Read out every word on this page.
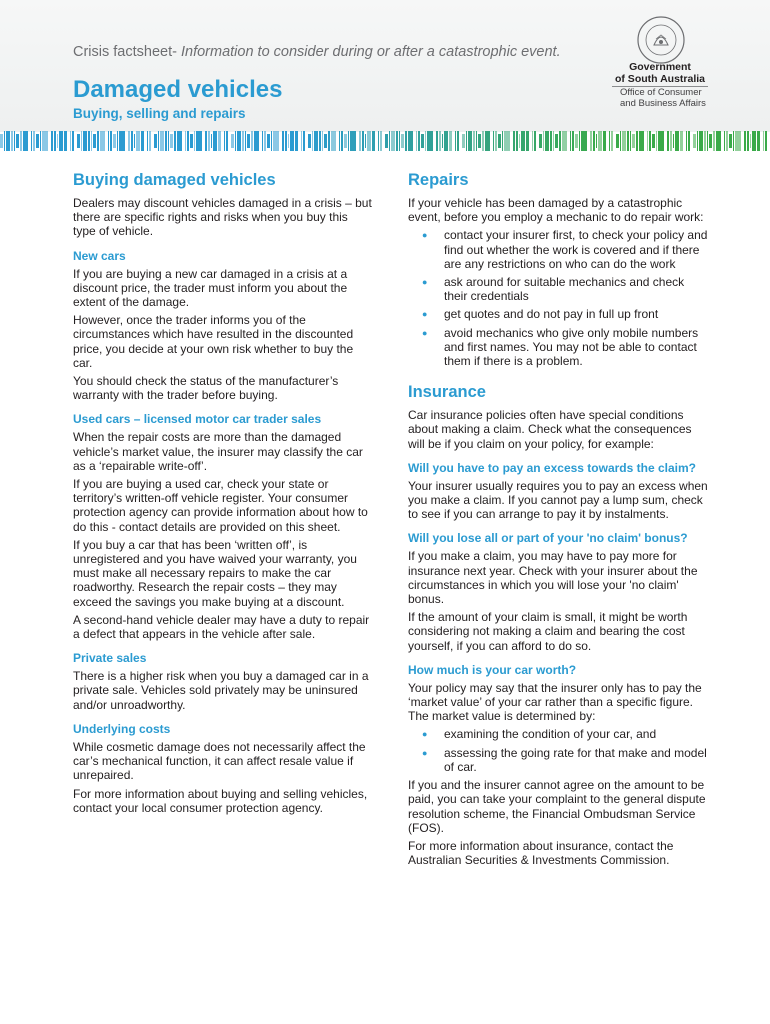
Crisis factsheet- Information to consider during or after a catastrophic event.
Damaged vehicles
Buying, selling and repairs
Government
of South Australia
Office of Consumer
and Business Affairs
Buying damaged vehicles

Dealers may discount vehicles damaged in a crisis – but there are specific rights and risks when you buy this type of vehicle.

New cars

If you are buying a new car damaged in a crisis at a discount price, the trader must inform you about the extent of the damage.

However, once the trader informs you of the circumstances which have resulted in the discounted price, you decide at your own risk whether to buy the car.

You should check the status of the manufacturer’s warranty with the trader before buying.

Used cars – licensed motor car trader sales

When the repair costs are more than the damaged vehicle’s market value, the insurer may classify the car as a ‘repairable write-off’.

If you are buying a used car, check your state or territory’s written-off vehicle register. Your consumer protection agency can provide information about how to do this - contact details are provided on this sheet.

If you buy a car that has been ‘written off’, is unregistered and you have waived your warranty, you must make all necessary repairs to make the car roadworthy. Research the repair costs – they may exceed the savings you make buying at a discount.

A second-hand vehicle dealer may have a duty to repair a defect that appears in the vehicle after sale.

Private sales

There is a higher risk when you buy a damaged car in a private sale. Vehicles sold privately may be uninsured and/or unroadworthy.

Underlying costs

While cosmetic damage does not necessarily affect the car’s mechanical function, it can affect resale value if unrepaired.

For more information about buying and selling vehicles, contact your local consumer protection agency.

Repairs

If your vehicle has been damaged by a catastrophic event, before you employ a mechanic to do repair work:

● contact your insurer first, to check your policy and find out whether the work is covered and if there are any restrictions on who can do the work
● ask around for suitable mechanics and check their credentials
● get quotes and do not pay in full up front
● avoid mechanics who give only mobile numbers and first names. You may not be able to contact them if there is a problem.
Insurance

Car insurance policies often have special conditions about making a claim. Check what the consequences will be if you claim on your policy, for example:

Will you have to pay an excess towards the claim?

Your insurer usually requires you to pay an excess when you make a claim. If you cannot pay a lump sum, check to see if you can arrange to pay it by instalments.

Will you lose all or part of your 'no claim' bonus?

If you make a claim, you may have to pay more for insurance next year. Check with your insurer about the circumstances in which you will lose your 'no claim' bonus.

If the amount of your claim is small, it might be worth considering not making a claim and bearing the cost yourself, if you can afford to do so.

How much is your car worth?

Your policy may say that the insurer only has to pay the ‘market value’ of your car rather than a specific figure. The market value is determined by:

● examining the condition of your car, and
● assessing the going rate for that make and model of car.

If you and the insurer cannot agree on the amount to be paid, you can take your complaint to the general dispute resolution scheme, the Financial Ombudsman Service (FOS).

For more information about insurance, contact the Australian Securities & Investments Commission.
